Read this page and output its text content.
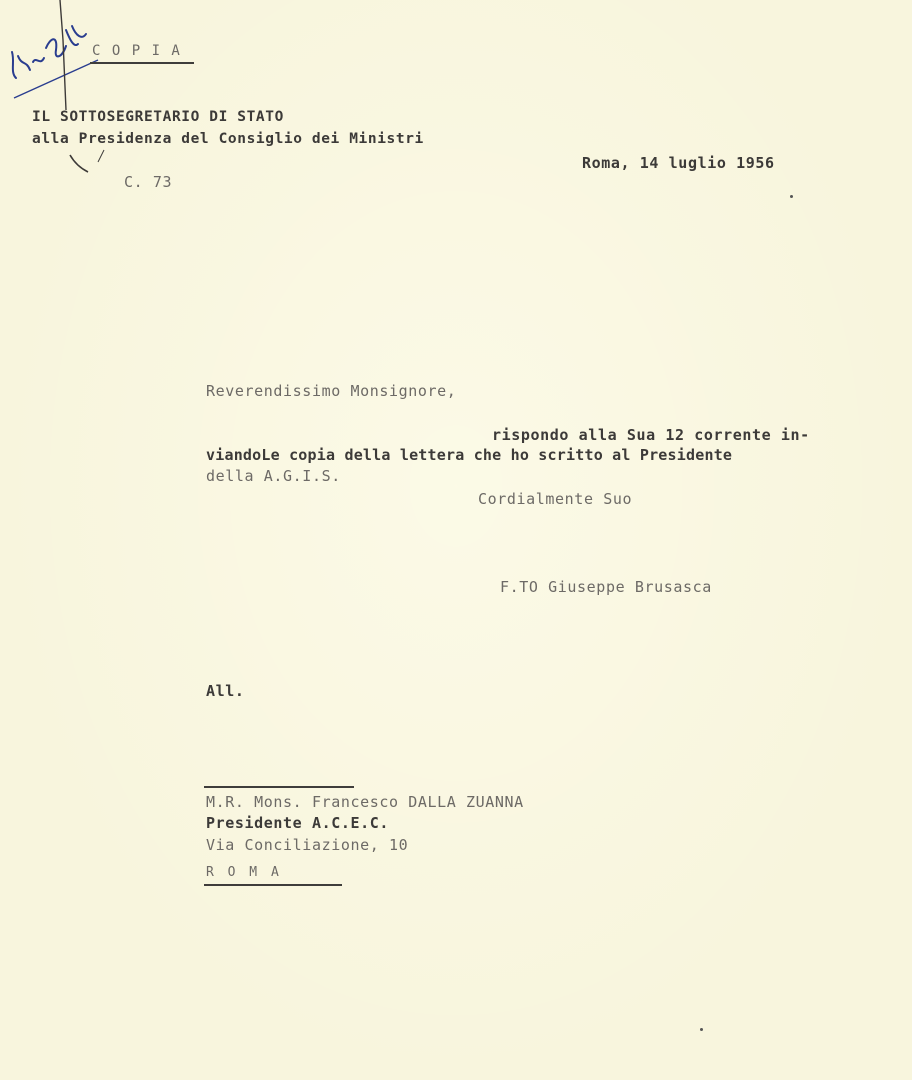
C O P I A
IL SOTTOSEGRETARIO DI STATO
alla Presidenza del Consiglio dei Ministri
Roma, 14 luglio 1956
C. 73
Reverendissimo Monsignore,
rispondo alla Sua 12 corrente in-
viandoLe copia della lettera che ho scritto al Presidente
della A.G.I.S.
Cordialmente Suo
F.TO Giuseppe Brusasca
All.
M.R. Mons. Francesco DALLA ZUANNA
Presidente A.C.E.C.
Via Conciliazione, 10
R O M A
